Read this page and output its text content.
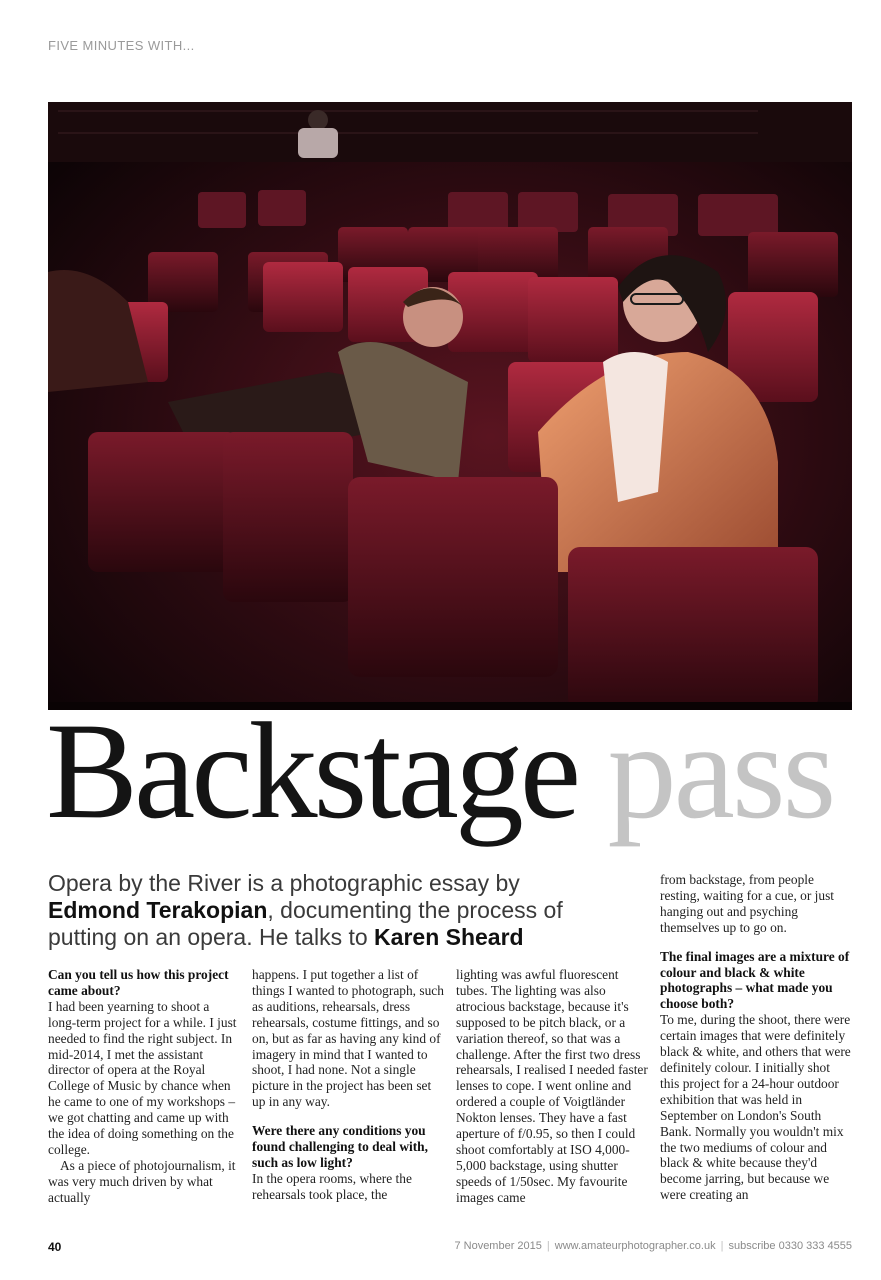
FIVE MINUTES WITH...
Backstage pass
Opera by the River is a photographic essay by Edmond Terakopian, documenting the process of putting on an opera. He talks to Karen Sheard

Can you tell us how this project came about?

I had been yearning to shoot a long-term project for a while. I just needed to find the right subject. In mid-2014, I met the assistant director of opera at the Royal College of Music by chance when he came to one of my workshops – we got chatting and came up with the idea of doing something on the college.

As a piece of photojournalism, it was very much driven by what actually

happens. I put together a list of things I wanted to photograph, such as auditions, rehearsals, dress rehearsals, costume fittings, and so on, but as far as having any kind of imagery in mind that I wanted to shoot, I had none. Not a single picture in the project has been set up in any way.

Were there any conditions you found challenging to deal with, such as low light?

In the opera rooms, where the rehearsals took place, the

lighting was awful fluorescent tubes. The lighting was also atrocious backstage, because it's supposed to be pitch black, or a variation thereof, so that was a challenge. After the first two dress rehearsals, I realised I needed faster lenses to cope. I went online and ordered a couple of Voigtländer Nokton lenses. They have a fast aperture of f/0.95, so then I could shoot comfortably at ISO 4,000-5,000 backstage, using shutter speeds of 1/50sec. My favourite images came

from backstage, from people resting, waiting for a cue, or just hanging out and psyching themselves up to go on.

The final images are a mixture of colour and black & white photographs – what made you choose both?

To me, during the shoot, there were certain images that were definitely black & white, and others that were definitely colour. I initially shot this project for a 24-hour outdoor exhibition that was held in September on London's South Bank. Normally you wouldn't mix the two mediums of colour and black & white because they'd become jarring, but because we were creating an

40	7 November 2015 | www.amateurphotographer.co.uk | subscribe 0330 333 4555
